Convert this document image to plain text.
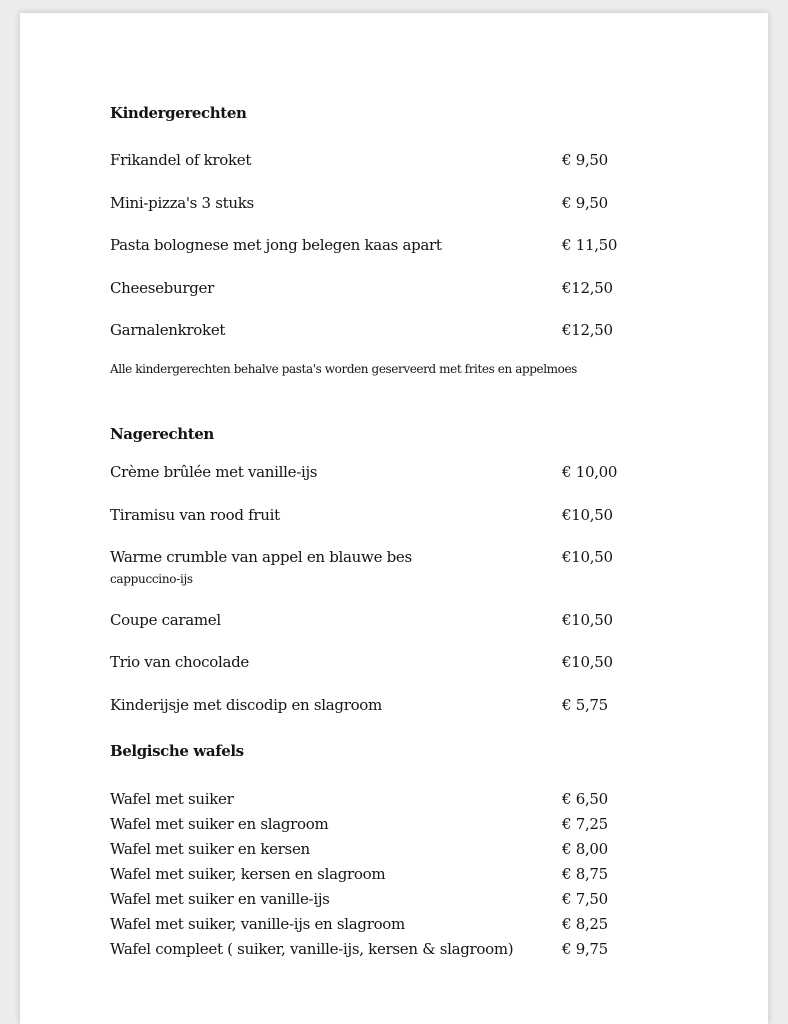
Kindergerechten
Frikandel of kroket	€ 9,50
Mini-pizza's 3 stuks	€ 9,50
Pasta bolognese met jong belegen kaas apart	€ 11,50
Cheeseburger	€12,50
Garnalenkroket	€12,50
Alle kindergerechten behalve pasta's worden geserveerd met frites en appelmoes
Nagerechten
Crème brûlée met vanille-ijs	€ 10,00
Tiramisu van rood fruit	€10,50
Warme crumble van appel en blauwe bes	€10,50
cappuccino-ijs
Coupe caramel	€10,50
Trio van chocolade	€10,50
Kinderijsje met discodip en slagroom	€ 5,75
Belgische wafels
Wafel met suiker	€ 6,50
Wafel met suiker en slagroom	€ 7,25
Wafel met suiker en kersen	€ 8,00
Wafel met suiker, kersen en slagroom	€ 8,75
Wafel met suiker en vanille-ijs	€ 7,50
Wafel met suiker, vanille-ijs en slagroom	€ 8,25
Wafel compleet ( suiker, vanille-ijs, kersen & slagroom)	€ 9,75
